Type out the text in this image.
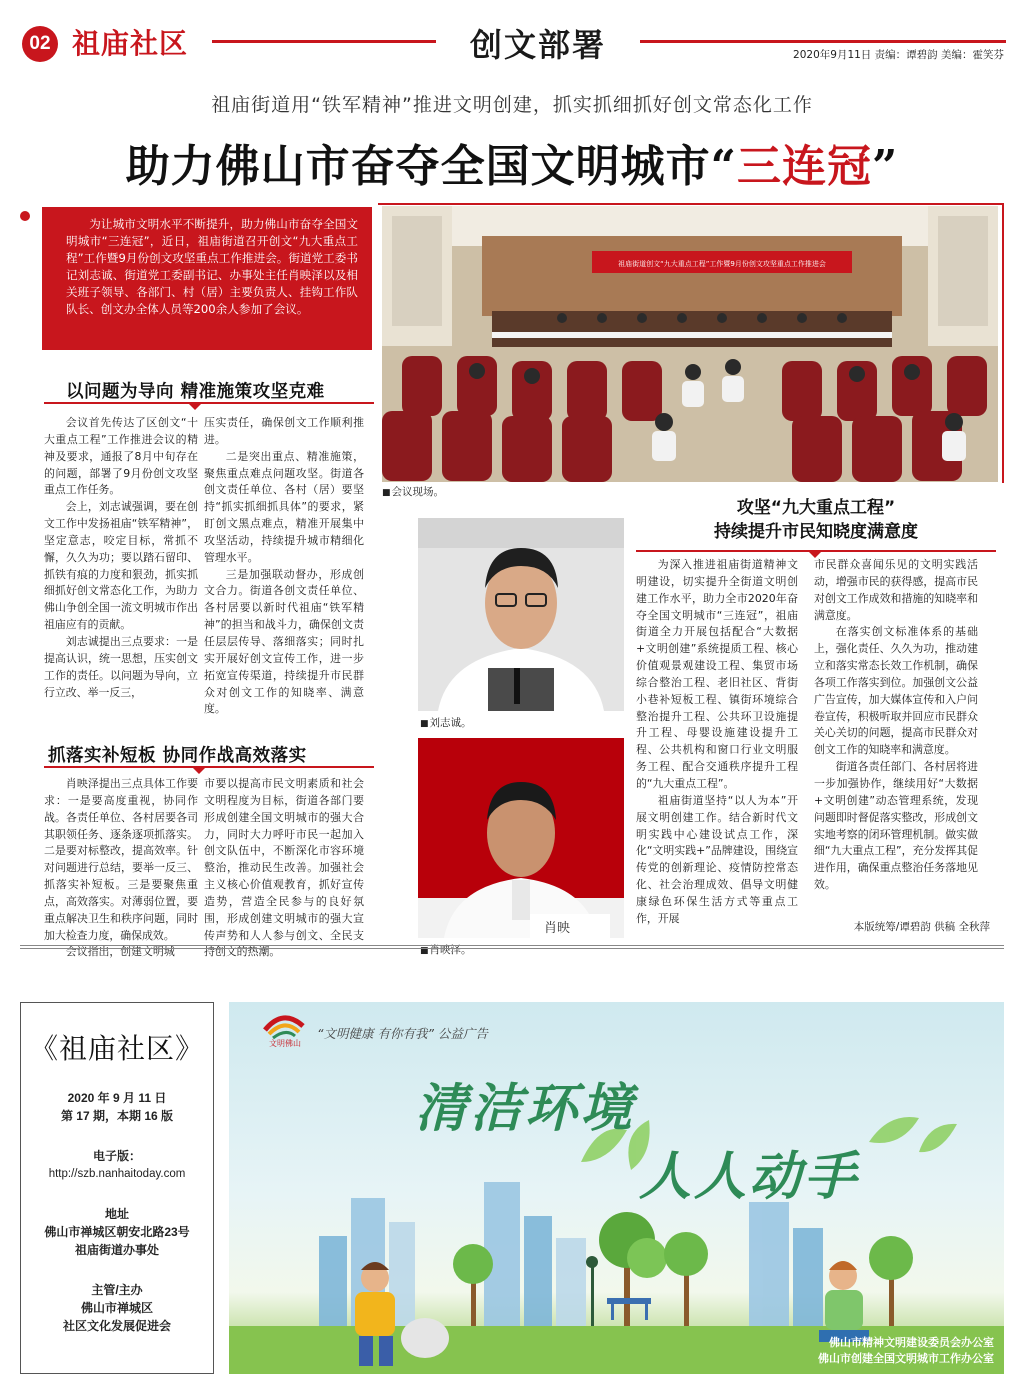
02 祖庙社区	创文部署	2020年9月11日 责编：谭碧韵 美编：霍笑芬
祖庙街道用“铁军精神”推进文明创建，抓实抓细抓好创文常态化工作
助力佛山市奋夺全国文明城市“三连冠”
为让城市文明水平不断提升，助力佛山市奋夺全国文明城市“三连冠”，近日，祖庙街道召开创文“九大重点工程”工作暨9月份创文攻坚重点工作推进会。街道党工委书记刘志诚、街道党工委副书记、办事处主任肖映泽以及相关班子领导、各部门、村（居）主要负责人、挂钩工作队队长、创文办全体人员等200余人参加了会议。
祖庙街道创文“九大重点工程”工作暨9月份创文攻坚重点工作推进会
■ 会议现场。
■ 刘志诚。
肖映
■ 肖映泽。
以问题为导向 精准施策攻坚克难

会议首先传达了区创文“十大重点工程”工作推进会议的精神及要求，通报了8月中旬存在的问题，部署了9月份创文攻坚重点工作任务。

会上，刘志诚强调，要在创文工作中发扬祖庙“铁军精神”，坚定意志，咬定目标，常抓不懈，久久为功；要以踏石留印、抓铁有痕的力度和狠劲，抓实抓细抓好创文常态化工作，为助力佛山争创全国一流文明城市作出祖庙应有的贡献。

刘志诚提出三点要求：一是提高认识，统一思想，压实创文工作的责任。以问题为导向，立行立改、举一反三，

压实责任，确保创文工作顺利推进。

二是突出重点、精准施策，聚焦重点难点问题攻坚。街道各创文责任单位、各村（居）要坚持“抓实抓细抓具体”的要求，紧盯创文黑点难点，精准开展集中攻坚活动，持续提升城市精细化管理水平。

三是加强联动督办，形成创文合力。街道各创文责任单位、各村居要以新时代祖庙“铁军精神”的担当和战斗力，确保创文责任层层传导、落细落实；同时扎实开展好创文宣传工作，进一步拓宽宣传渠道，持续提升市民群众对创文工作的知晓率、满意度。

抓落实补短板 协同作战高效落实

肖映泽提出三点具体工作要求：一是要高度重视，协同作战。各责任单位、各村居要各司其职领任务、逐条逐项抓落实。二是要对标整改，提高效率。针对问题进行总结，要举一反三、抓落实补短板。三是要聚焦重点，高效落实。对薄弱位置，要重点解决卫生和秩序问题，同时加大检查力度，确保成效。

会议指出，创建文明城

市要以提高市民文明素质和社会文明程度为目标，街道各部门要形成创建全国文明城市的强大合力，同时大力呼吁市民一起加入创文队伍中，不断深化市容环境整治，推动民生改善。加强社会主义核心价值观教育，抓好宣传造势，营造全民参与的良好氛围，形成创建文明城市的强大宣传声势和人人参与创文、全民支持创文的热潮。

攻坚“九大重点工程”
持续提升市民知晓度满意度

为深入推进祖庙街道精神文明建设，切实提升全街道文明创建工作水平，助力全市2020年奋夺全国文明城市“三连冠”，祖庙街道全力开展包括配合“大数据+文明创建”系统提质工程、核心价值观景观建设工程、集贸市场综合整治工程、老旧社区、背街小巷补短板工程、镇街环境综合整治提升工程、公共环卫设施提升工程、母婴设施建设提升工程、公共机构和窗口行业文明服务工程、配合交通秩序提升工程的“九大重点工程”。

祖庙街道坚持“以人为本”开展文明创建工作。结合新时代文明实践中心建设试点工作，深化“文明实践+”品牌建设，围绕宣传党的创新理论、疫情防控常态化、社会治理成效、倡导文明健康绿色环保生活方式等重点工作，开展

市民群众喜闻乐见的文明实践活动，增强市民的获得感，提高市民对创文工作成效和措施的知晓率和满意度。

在落实创文标准体系的基础上，强化责任、久久为功，推动建立和落实常态长效工作机制，确保各项工作落实到位。加强创文公益广告宣传，加大媒体宣传和入户问卷宣传，积极听取并回应市民群众关心关切的问题，提高市民群众对创文工作的知晓率和满意度。

街道各责任部门、各村居将进一步加强协作，继续用好“大数据+文明创建”动态管理系统，发现问题即时督促落实整改，形成创文实地考察的闭环管理机制。做实做细“九大重点工程”，充分发挥其促进作用，确保重点整治任务落地见效。

本版统筹/谭碧韵 供稿 全秋萍
《祖庙社区》
2020 年 9 月 11 日
第 17 期，本期 16 版
电子版：
http://szb.nanhaitoday.com
地址
佛山市禅城区朝安北路23号
祖庙街道办事处
主管/主办
佛山市禅城区
社区文化发展促进会
“文明健康 有你有我” 公益广告
文明佛山
清洁环境
人人动手
佛山市精神文明建设委员会办公室
佛山市创建全国文明城市工作办公室
